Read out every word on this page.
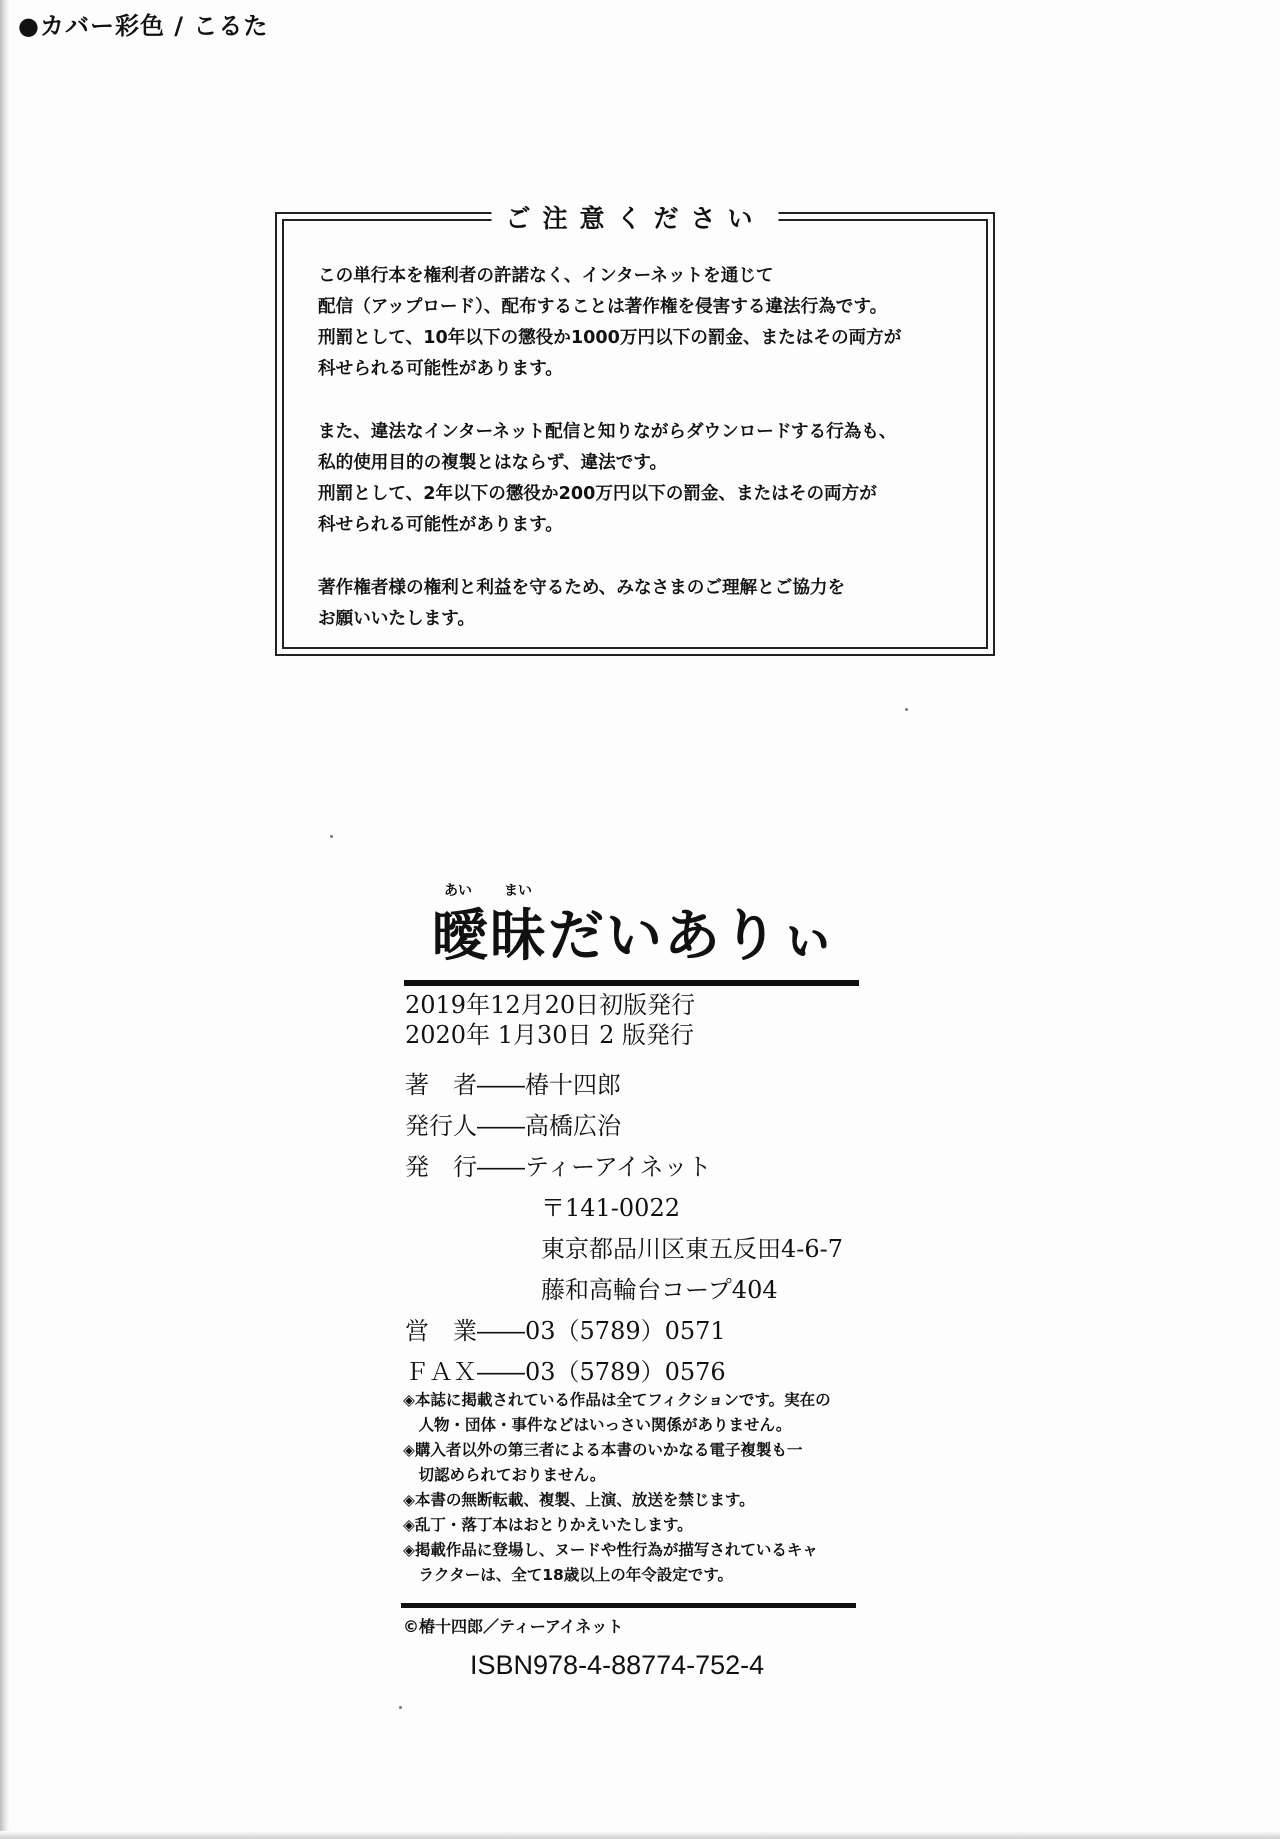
●カバー彩色 / こるた
ご注意ください

この単行本を権利者の許諾なく、インターネットを通じて
配信（アップロード）、配布することは著作権を侵害する違法行為です。
刑罰として、10年以下の懲役か1000万円以下の罰金、またはその両方が
科せられる可能性があります。

また、違法なインターネット配信と知りながらダウンロードする行為も、
私的使用目的の複製とはならず、違法です。
刑罰として、2年以下の懲役か200万円以下の罰金、またはその両方が
科せられる可能性があります。

著作権者様の権利と利益を守るため、みなさまのご理解とご協力を
お願いいたします。

あい まい
曖昧だいありぃ
2019年12月20日初版発行
2020年 1月30日 2 版発行
著　者――椿十四郎
発行人――高橋広治
発　行――ティーアイネット
〒141-0022
東京都品川区東五反田4-6-7
藤和高輪台コープ404
営　業――03（5789）0571
ＦＡＸ――03（5789）0576
◈本誌に掲載されている作品は全てフィクションです。実在の
　人物・団体・事件などはいっさい関係がありません。
◈購入者以外の第三者による本書のいかなる電子複製も一
　切認められておりません。
◈本書の無断転載、複製、上演、放送を禁じます。
◈乱丁・落丁本はおとりかえいたします。
◈掲載作品に登場し、ヌードや性行為が描写されているキャ
　ラクターは、全て18歳以上の年令設定です。
©椿十四郎／ティーアイネット
ISBN978-4-88774-752-4
